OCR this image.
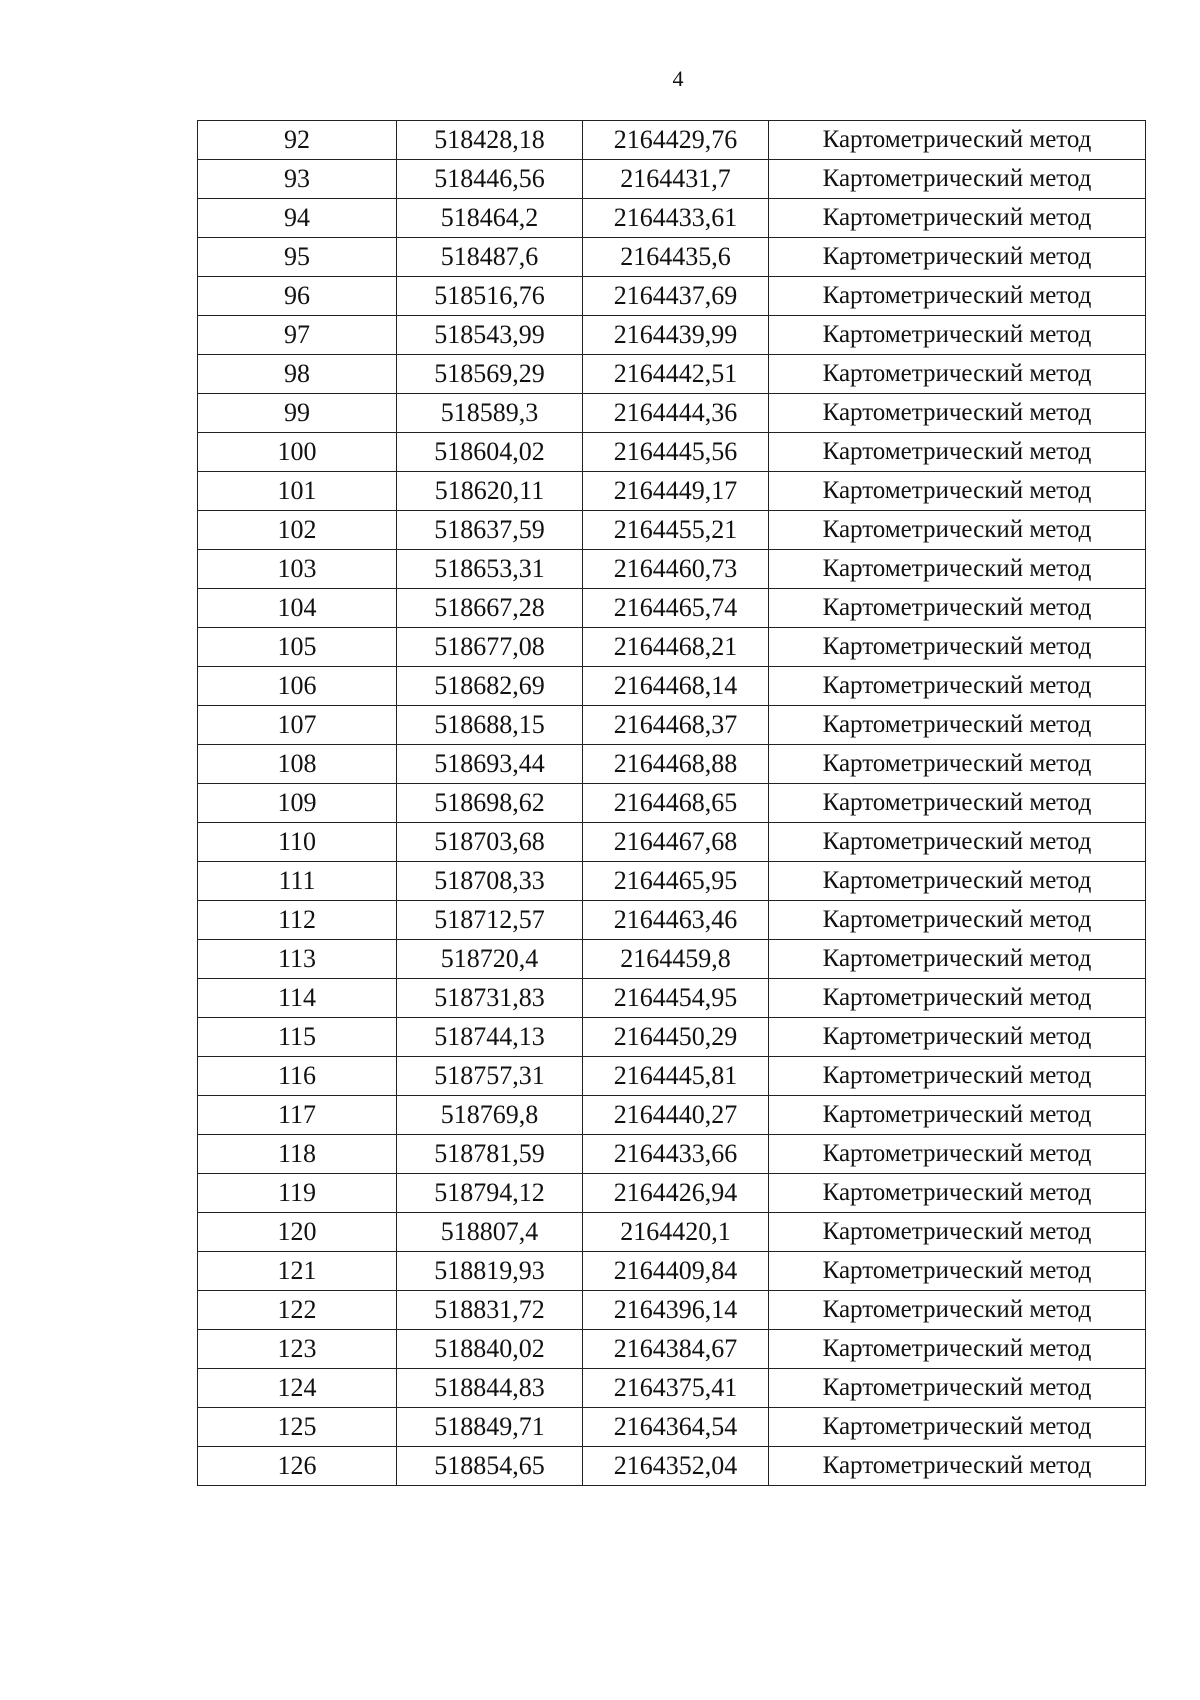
4
92	518428,18	2164429,76	Картометрический метод
93	518446,56	2164431,7	Картометрический метод
94	518464,2	2164433,61	Картометрический метод
95	518487,6	2164435,6	Картометрический метод
96	518516,76	2164437,69	Картометрический метод
97	518543,99	2164439,99	Картометрический метод
98	518569,29	2164442,51	Картометрический метод
99	518589,3	2164444,36	Картометрический метод
100	518604,02	2164445,56	Картометрический метод
101	518620,11	2164449,17	Картометрический метод
102	518637,59	2164455,21	Картометрический метод
103	518653,31	2164460,73	Картометрический метод
104	518667,28	2164465,74	Картометрический метод
105	518677,08	2164468,21	Картометрический метод
106	518682,69	2164468,14	Картометрический метод
107	518688,15	2164468,37	Картометрический метод
108	518693,44	2164468,88	Картометрический метод
109	518698,62	2164468,65	Картометрический метод
110	518703,68	2164467,68	Картометрический метод
111	518708,33	2164465,95	Картометрический метод
112	518712,57	2164463,46	Картометрический метод
113	518720,4	2164459,8	Картометрический метод
114	518731,83	2164454,95	Картометрический метод
115	518744,13	2164450,29	Картометрический метод
116	518757,31	2164445,81	Картометрический метод
117	518769,8	2164440,27	Картометрический метод
118	518781,59	2164433,66	Картометрический метод
119	518794,12	2164426,94	Картометрический метод
120	518807,4	2164420,1	Картометрический метод
121	518819,93	2164409,84	Картометрический метод
122	518831,72	2164396,14	Картометрический метод
123	518840,02	2164384,67	Картометрический метод
124	518844,83	2164375,41	Картометрический метод
125	518849,71	2164364,54	Картометрический метод
126	518854,65	2164352,04	Картометрический метод
